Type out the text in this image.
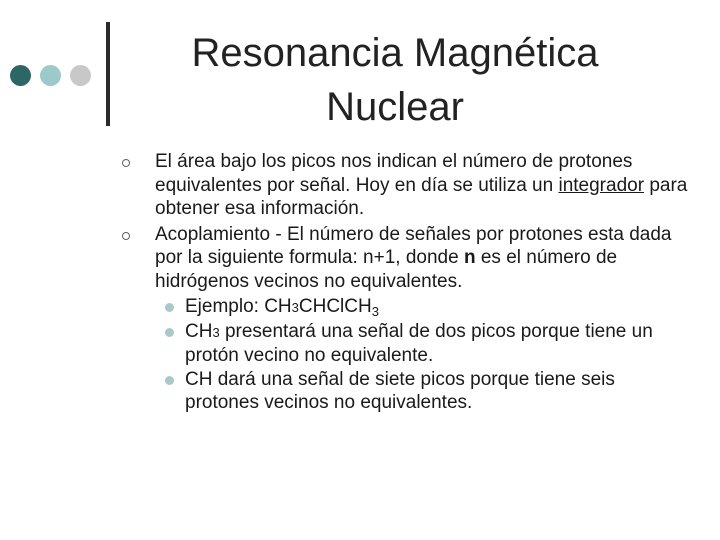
Resonancia Magnética
Nuclear
El área bajo los picos nos indican el número de protones equivalentes por señal. Hoy en día se utiliza un integrador para obtener esa información.
Acoplamiento - El número de señales por protones esta dada por la siguiente formula: n+1, donde n es el número de hidrógenos vecinos no equivalentes.
Ejemplo: CH3CHClCH$_3$
CH3 presentará una señal de dos picos porque tiene un protón vecino no equivalente.
CH dará una señal de siete picos porque tiene seis protones vecinos no equivalentes.
